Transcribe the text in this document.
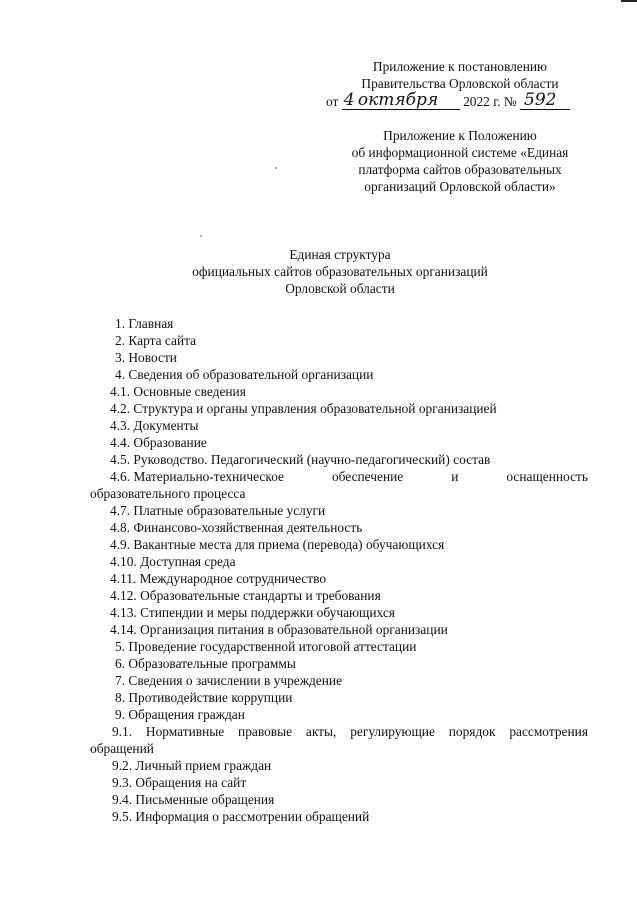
Приложение к постановлению
Правительства Орловской области
от 4 октября 2022 г. № 592
Приложение к Положению
об информационной системе «Единая
платформа сайтов образовательных
организаций Орловской области»
Единая структура
официальных сайтов образовательных организаций
Орловской области
1. Главная
2. Карта сайта
3. Новости
4. Сведения об образовательной организации
4.1. Основные сведения
4.2. Структура и органы управления образовательной организацией
4.3. Документы
4.4. Образование
4.5. Руководство. Педагогический (научно-педагогический) состав
4.6. Материально-техническое	обеспечение	и	оснащенность
образовательного процесса
4.7. Платные образовательные услуги
4.8. Финансово-хозяйственная деятельность
4.9. Вакантные места для приема (перевода) обучающихся
4.10. Доступная среда
4.11. Международное сотрудничество
4.12. Образовательные стандарты и требования
4.13. Стипендии и меры поддержки обучающихся
4.14. Организация питания в образовательной организации
5. Проведение государственной итоговой аттестации
6. Образовательные программы
7. Сведения о зачислении в учреждение
8. Противодействие коррупции
9. Обращения граждан
9.1. Нормативные правовые акты, регулирующие порядок рассмотрения
обращений
9.2. Личный прием граждан
9.3. Обращения на сайт
9.4. Письменные обращения
9.5. Информация о рассмотрении обращений
